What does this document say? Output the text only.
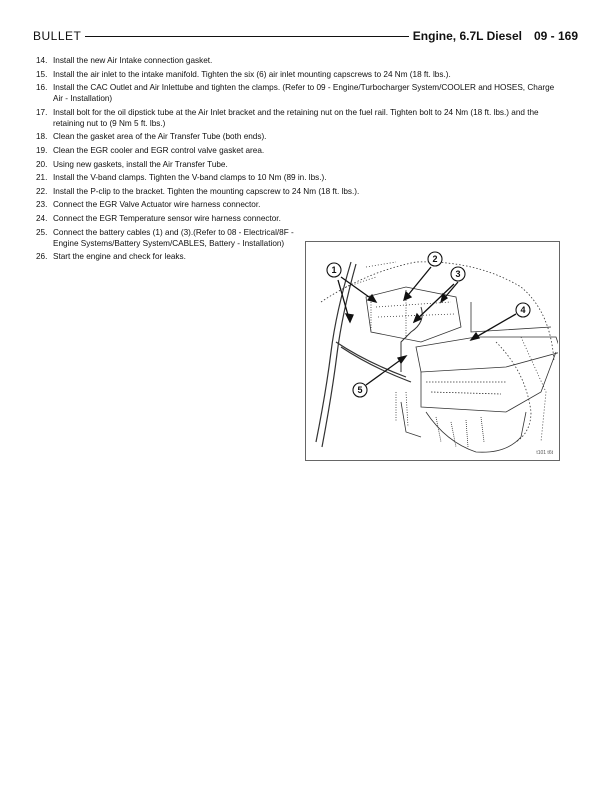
BULLET	Engine, 6.7L Diesel 09 - 169
14. Install the new Air Intake connection gasket.
15. Install the air inlet to the intake manifold. Tighten the six (6) air inlet mounting capscrews to 24 Nm (18 ft. lbs.).
16. Install the CAC Outlet and Air Inlettube and tighten the clamps. (Refer to 09 - Engine/Turbocharger System/COOLER and HOSES, Charge Air - Installation)
17. Install bolt for the oil dipstick tube at the Air Inlet bracket and the retaining nut on the fuel rail. Tighten bolt to 24 Nm (18 ft. lbs.) and the retaining nut to (9 Nm 5 ft. lbs.)
18. Clean the gasket area of the Air Transfer Tube (both ends).
19. Clean the EGR cooler and EGR control valve gasket area.
20. Using new gaskets, install the Air Transfer Tube.
21. Install the V-band clamps. Tighten the V-band clamps to 10 Nm (89 in. lbs.).
22. Install the P-clip to the bracket. Tighten the mounting capscrew to 24 Nm (18 ft. lbs.).
23. Connect the EGR Valve Actuator wire harness connector.
24. Connect the EGR Temperature sensor wire harness connector.
25. Connect the battery cables (1) and (3).(Refer to 08 - Electrical/8F - Engine Systems/Battery System/CABLES, Battery - Installation)
26. Start the engine and check for leaks.
1
2
3
4
5
t101 t6t
